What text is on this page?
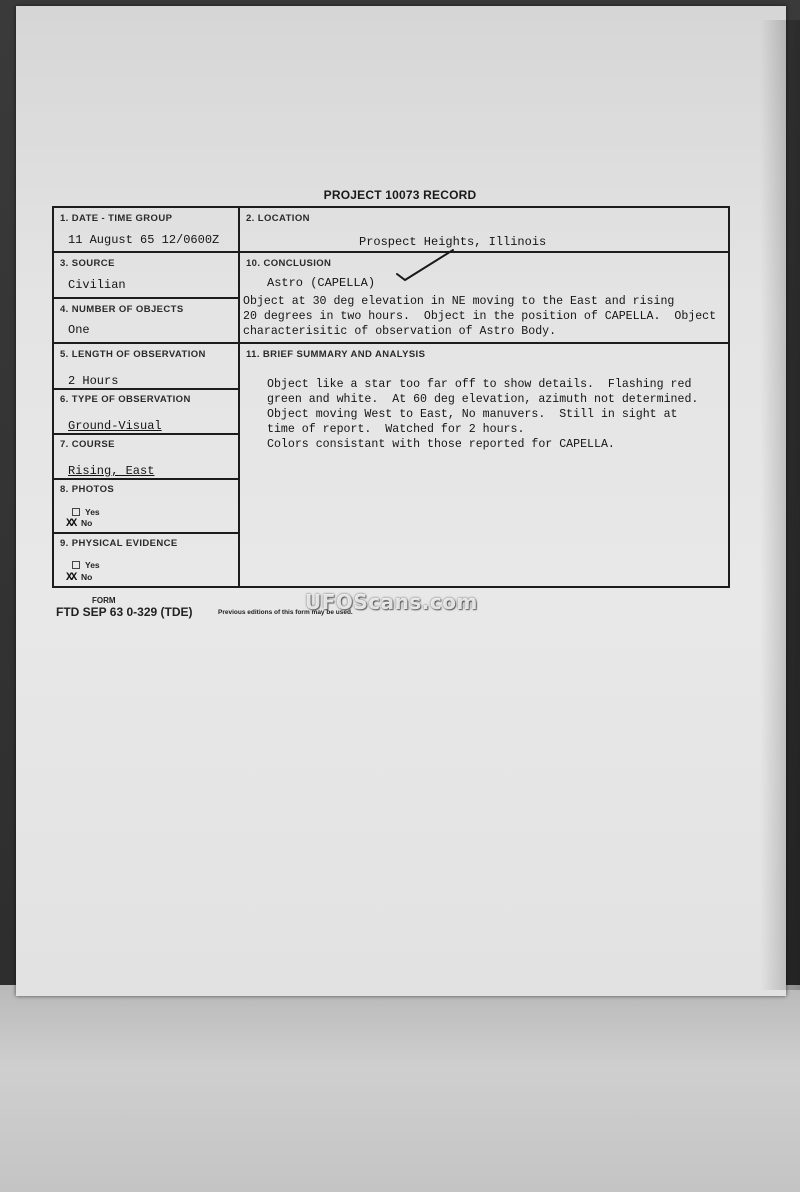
PROJECT 10073 RECORD
1. DATE - TIME GROUP
11 August 65 12/0600Z
2. LOCATION
Prospect Heights, Illinois
3. SOURCE
Civilian
4. NUMBER OF OBJECTS
One
5. LENGTH OF OBSERVATION
2 Hours
6. TYPE OF OBSERVATION
Ground-Visual
7. COURSE
Rising, East
8. PHOTOS
Yes
XX No
9. PHYSICAL EVIDENCE
Yes
XX No
10. CONCLUSION
Astro (CAPELLA)
Object at 30 deg elevation in NE moving to the East and rising
20 degrees in two hours.  Object in the position of CAPELLA.  Object
characterisitic of observation of Astro Body.
11. BRIEF SUMMARY AND ANALYSIS
Object like a star too far off to show details.  Flashing red
green and white.  At 60 deg elevation, azimuth not determined.
Object moving West to East, No manuvers.  Still in sight at
time of report.  Watched for 2 hours.
Colors consistant with those reported for CAPELLA.
FORM
FTD SEP 63 0-329 (TDE)	Previous editions of this form may be used.
UFOScans.com
